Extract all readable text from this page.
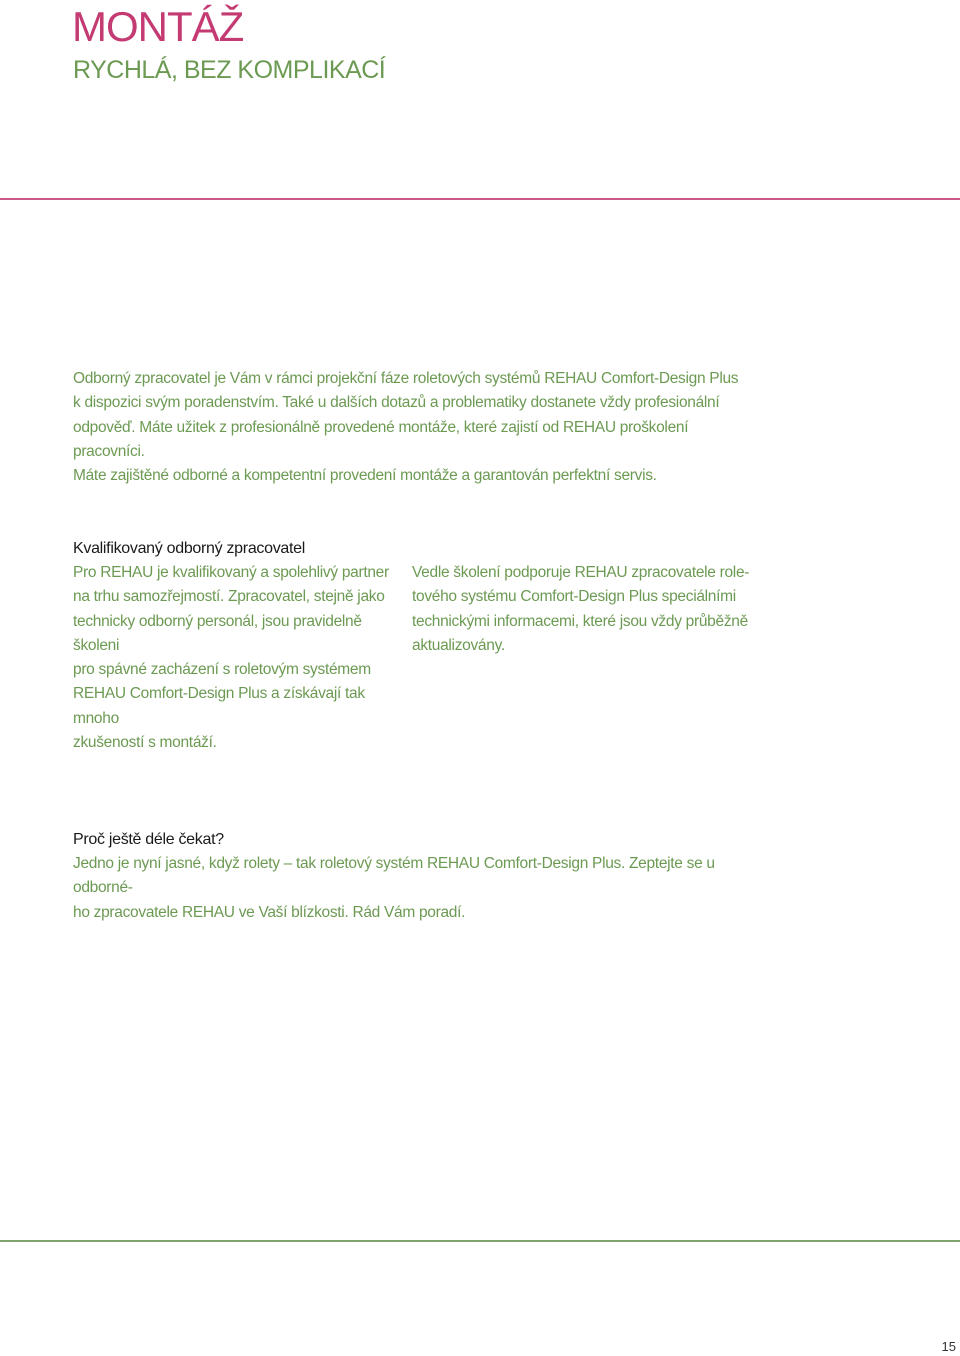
MONTÁŽ
RYCHLÁ, BEZ KOMPLIKACÍ

Odborný zpracovatel je Vám v rámci projekční fáze roletových systémů REHAU Comfort-Design Plus
k dispozici svým poradenstvím. Také u dalších dotazů a problematiky dostanete vždy profesionální
odpověď. Máte užitek z profesionálně provedené montáže, které zajistí od REHAU proškolení pracovníci.
Máte zajištěné odborné a kompetentní provedení montáže a garantován perfektní servis.

Kvalifikovaný odborný zpracovatel

Pro REHAU je kvalifikovaný a spolehlivý partner
na trhu samozřejmostí. Zpracovatel, stejně jako
technicky odborný personál, jsou pravidelně školeni
pro spávné zacházení s roletovým systémem
REHAU Comfort-Design Plus a získávají tak mnoho
zkušeností s montáží.

Vedle školení podporuje REHAU zpracovatele role-
tového systému Comfort-Design Plus speciálními
technickými informacemi, které jsou vždy průběžně
aktualizovány.

Proč ještě déle čekat?

Jedno je nyní jasné, když rolety – tak roletový systém REHAU Comfort-Design Plus. Zeptejte se u odborné-
ho zpracovatele REHAU ve Vaší blízkosti. Rád Vám poradí.

15
